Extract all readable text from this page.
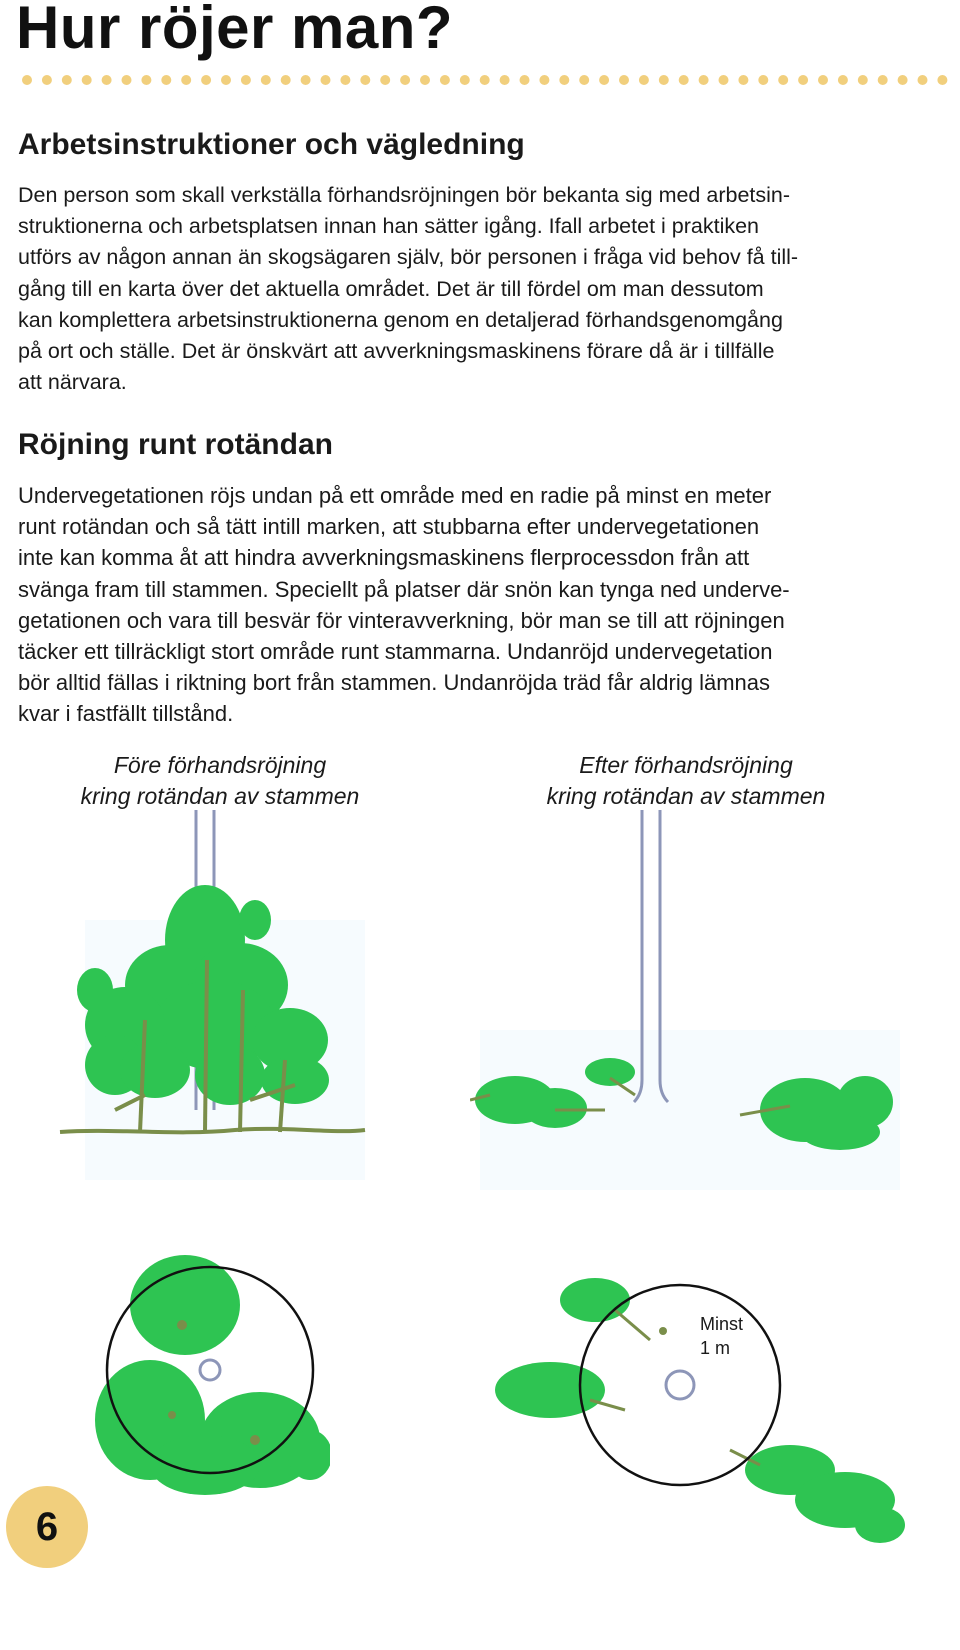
Hur röjer man?
Arbetsinstruktioner och vägledning
Den person som skall verkställa förhandsröjningen bör bekanta sig med arbetsin-
struktionerna och arbetsplatsen innan han sätter igång. Ifall arbetet i praktiken
utförs av någon annan än skogsägaren själv, bör personen i fråga vid behov få till-
gång till en karta över det aktuella området. Det är till fördel om man dessutom
kan komplettera arbetsinstruktionerna genom en detaljerad förhandsgenomgång
på ort och ställe. Det är önskvärt att avverkningsmaskinens förare då är i tillfälle
att närvara.
Röjning runt rotändan
Undervegetationen röjs undan på ett område med en radie på minst en meter
runt rotändan och så tätt intill marken, att stubbarna efter undervegetationen
inte kan komma åt att hindra avverkningsmaskinens flerprocessdon från att
svänga fram till stammen. Speciellt på platser där snön kan tynga ned underve-
getationen och vara till besvär för vinteravverkning, bör man se till att röjningen
täcker ett tillräckligt stort område runt stammarna. Undanröjd undervegetation
bör alltid fällas i riktning bort från stammen. Undanröjda träd får aldrig lämnas
kvar i fastfällt tillstånd.
Före förhandsröjning
kring rotändan av stammen
Efter förhandsröjning
kring rotändan av stammen
Minst
1 m
6
